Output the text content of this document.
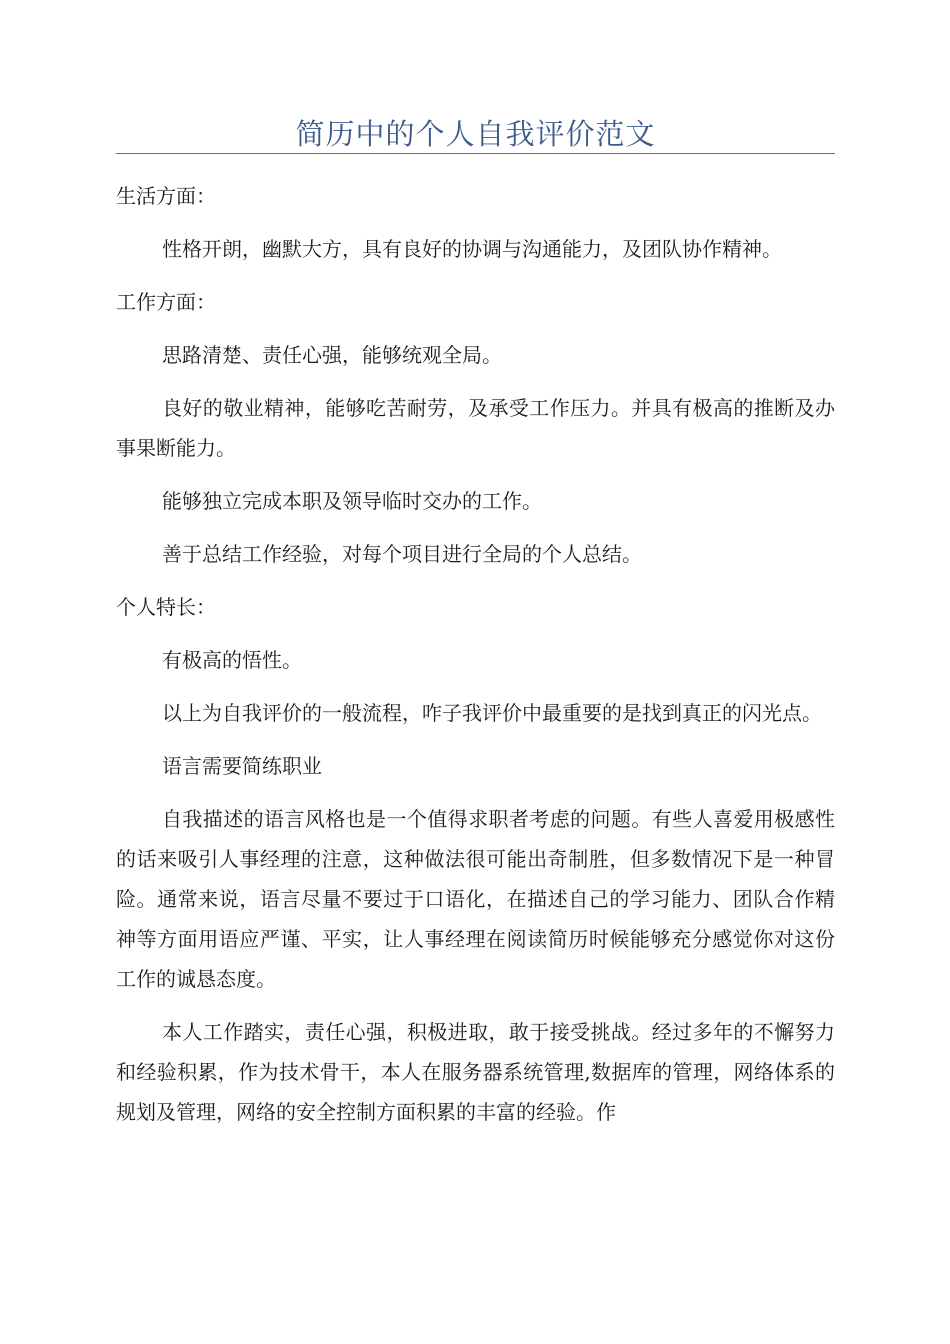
简历中的个人自我评价范文

生活方面：

性格开朗，幽默大方，具有良好的协调与沟通能力，及团队协作精神。

工作方面：

思路清楚、责任心强，能够统观全局。

良好的敬业精神，能够吃苦耐劳，及承受工作压力。并具有极高的推断及办事果断能力。

能够独立完成本职及领导临时交办的工作。

善于总结工作经验，对每个项目进行全局的个人总结。

个人特长：

有极高的悟性。

以上为自我评价的一般流程，咋子我评价中最重要的是找到真正的闪光点。

语言需要简练职业

自我描述的语言风格也是一个值得求职者考虑的问题。有些人喜爱用极感性的话来吸引人事经理的注意，这种做法很可能出奇制胜，但多数情况下是一种冒险。通常来说，语言尽量不要过于口语化，在描述自己的学习能力、团队合作精神等方面用语应严谨、平实，让人事经理在阅读简历时候能够充分感觉你对这份工作的诚恳态度。

本人工作踏实，责任心强，积极进取，敢于接受挑战。经过多年的不懈努力和经验积累，作为技术骨干，本人在服务器系统管理,数据库的管理，网络体系的规划及管理，网络的安全控制方面积累的丰富的经验。作
